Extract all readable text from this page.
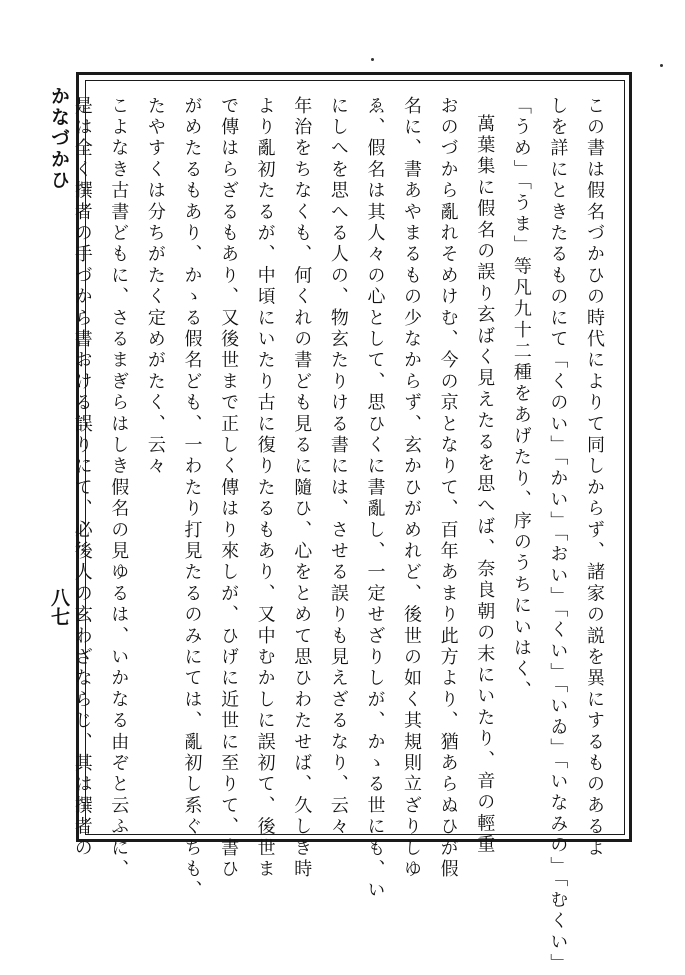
かなづかひ
八七	この書は假名づかひの時代によりて同しからず、諸家の説を異にするものあるよ
しを詳にときたるものにて「くのい」「かい」「おい」「くい」「いゐ」「いなみの」「むくい」
「うめ」「うま」等凡九十二種をあげたり、序のうちにいはく、
萬葉集に假名の誤り玄ばく見えたるを思へば、奈良朝の末にいたり、音の輕重
おのづから亂れそめけむ、今の京となりて、百年あまり此方より、猶あらぬひが假
名に、書あやまるもの少なからず、玄かひがめれど、後世の如く其規則立ざりしゆ
ゑ、假名は其人々の心として、思ひくに書亂し、一定せざりしが、かゝる世にも、い
にしへを思へる人の、物玄たりける書には、させる誤りも見えざるなり、云々
年治をちなくも、何くれの書ども見るに隨ひ、心をとめて思ひわたせば、久しき時
より亂初たるが、中頃にいたり古に復りたるもあり、又中むかしに誤初て、後世ま
で傳はらざるもあり、又後世まで正しく傳はり來しが、ひげに近世に至りて、書ひ
がめたるもあり、かゝる假名ども、一わたり打見たるのみにては、亂初し系ぐちも、
たやすくは分ちがたく定めがたく、云々
こよなき古書どもに、さるまぎらはしき假名の見ゆるは、いかなる由ぞと云ふに、
是は全く撰者の手づから書おける誤りにて、必後人の玄わざならじ、其は撰者の
